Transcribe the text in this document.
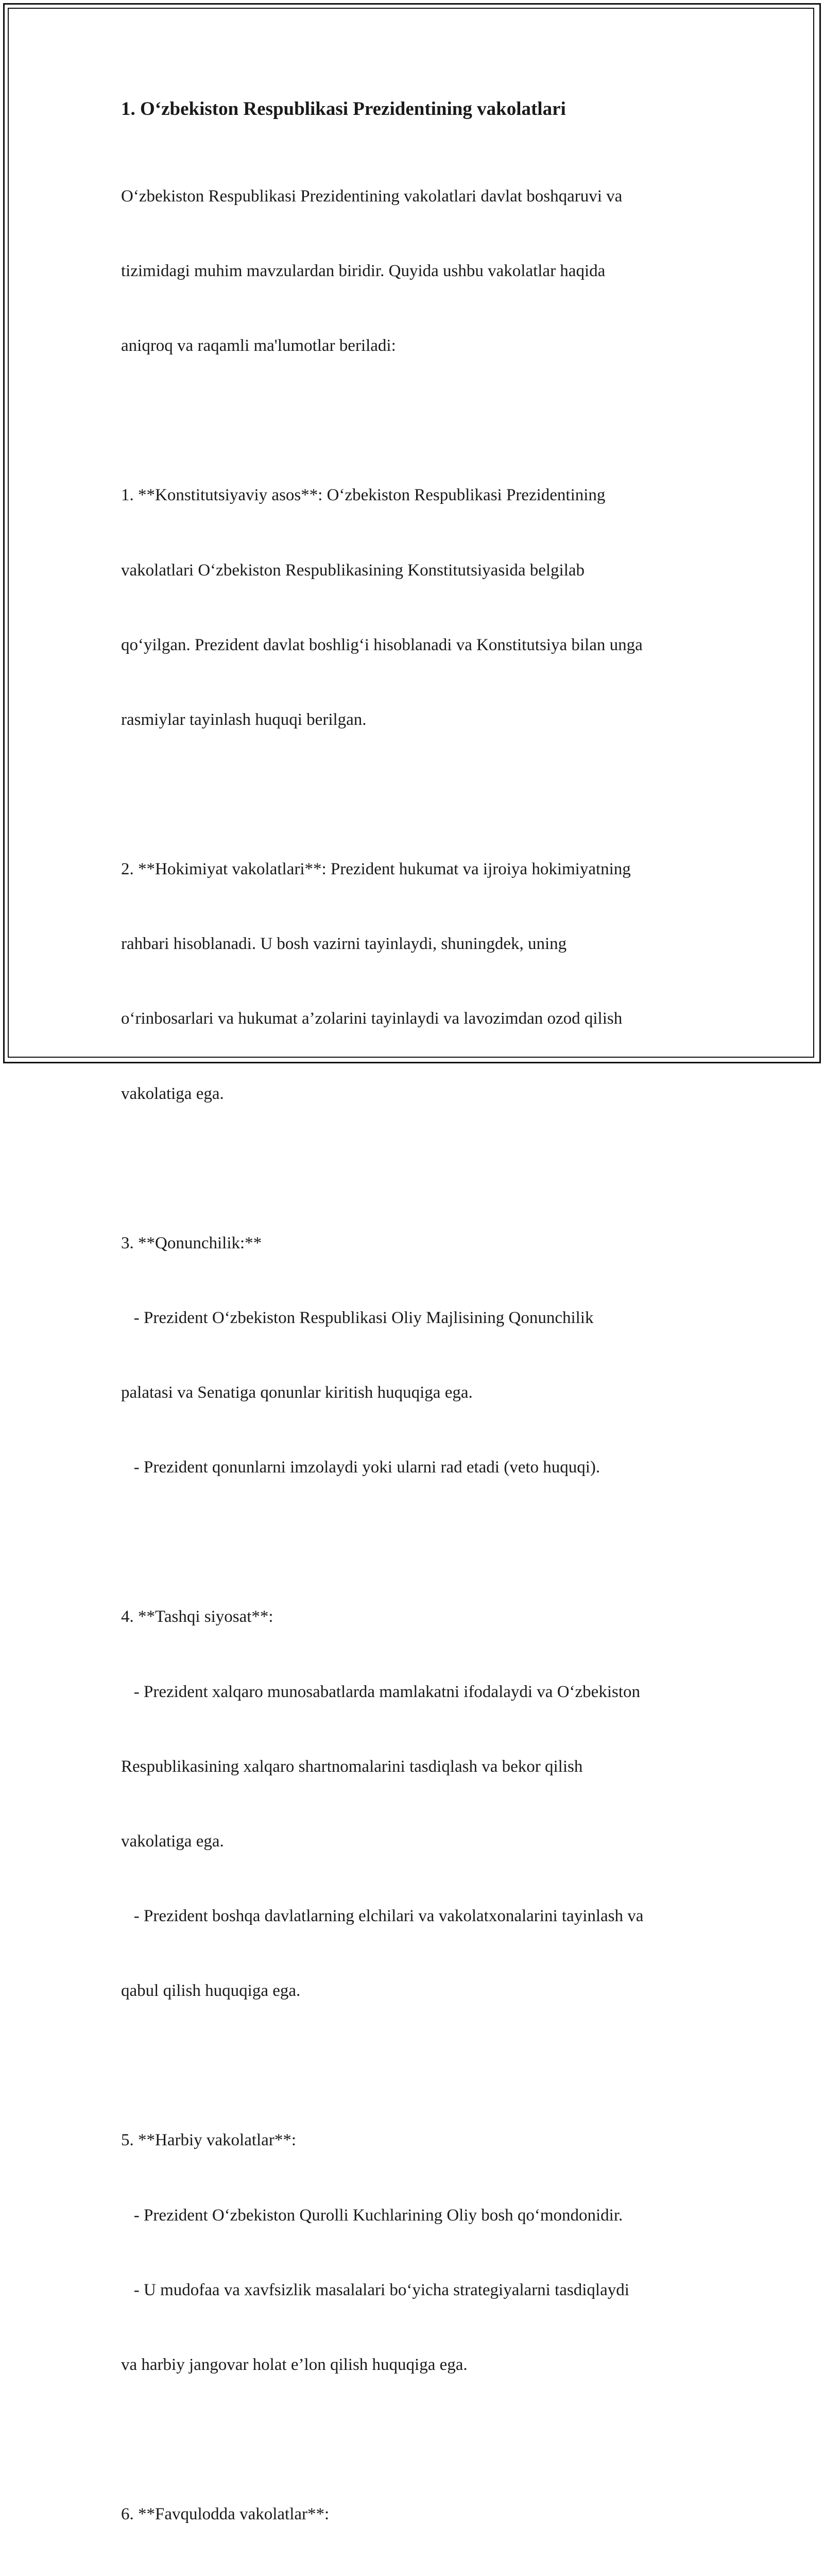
1. O‘zbekiston Respublikasi Prezidentining vakolatlari

O‘zbekiston Respublikasi Prezidentining vakolatlari davlat boshqaruvi va

tizimidagi muhim mavzulardan biridir. Quyida ushbu vakolatlar haqida

aniqroq va raqamli ma'lumotlar beriladi:

1. **Konstitutsiyaviy asos**: O‘zbekiston Respublikasi Prezidentining

vakolatlari O‘zbekiston Respublikasining Konstitutsiyasida belgilab

qo‘yilgan. Prezident davlat boshlig‘i hisoblanadi va Konstitutsiya bilan unga

rasmiylar tayinlash huquqi berilgan.

2. **Hokimiyat vakolatlari**: Prezident hukumat va ijroiya hokimiyatning

rahbari hisoblanadi. U bosh vazirni tayinlaydi, shuningdek, uning

o‘rinbosarlari va hukumat a’zolarini tayinlaydi va lavozimdan ozod qilish

vakolatiga ega.

3. **Qonunchilik:**

- Prezident O‘zbekiston Respublikasi Oliy Majlisining Qonunchilik

palatasi va Senatiga qonunlar kiritish huquqiga ega.

- Prezident qonunlarni imzolaydi yoki ularni rad etadi (veto huquqi).

4. **Tashqi siyosat**:

- Prezident xalqaro munosabatlarda mamlakatni ifodalaydi va O‘zbekiston

Respublikasining xalqaro shartnomalarini tasdiqlash va bekor qilish

vakolatiga ega.

- Prezident boshqa davlatlarning elchilari va vakolatxonalarini tayinlash va

qabul qilish huquqiga ega.

5. **Harbiy vakolatlar**:

- Prezident O‘zbekiston Qurolli Kuchlarining Oliy bosh qo‘mondonidir.

- U mudofaa va xavfsizlik masalalari bo‘yicha strategiyalarni tasdiqlaydi

va harbiy jangovar holat e’lon qilish huquqiga ega.

6. **Favqulodda vakolatlar**:
